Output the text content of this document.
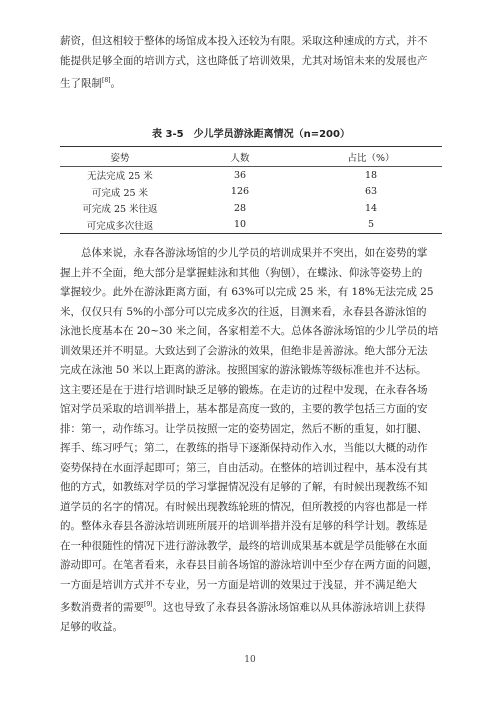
薪资，但这相较于整体的场馆成本投入还较为有限。采取这种速成的方式，并不
能提供足够全面的培训方式，这也降低了培训效果，尤其对场馆未来的发展也产
生了限制[8]。
表 3-5　少儿学员游泳距离情况（n=200）
姿势	人数	占比（%）
无法完成 25 米	36	18
可完成 25 米	126	63
可完成 25 米往返	28	14
可完成多次往返	10	5
　　总体来说，永春各游泳场馆的少儿学员的培训成果并不突出，如在姿势的掌
握上并不全面，绝大部分是掌握蛙泳和其他（狗刨），在蝶泳、仰泳等姿势上的
掌握较少。此外在游泳距离方面，有 63%可以完成 25 米，有 18%无法完成 25
米，仅仅只有 5%的小部分可以完成多次的往返，目测来看，永春县各游泳馆的
泳池长度基本在 20~30 米之间，各家相差不大。总体各游泳场馆的少儿学员的培
训效果还并不明显。大致达到了会游泳的效果，但绝非是善游泳。绝大部分无法
完成在泳池 50 米以上距离的游泳。按照国家的游泳锻炼等级标准也并不达标。
这主要还是在于进行培训时缺乏足够的锻炼。在走访的过程中发现，在永春各场
馆对学员采取的培训举措上，基本都是高度一致的，主要的教学包括三方面的安
排：第一，动作练习。让学员按照一定的姿势固定，然后不断的重复，如打腿、
挥手、练习呼气；第二，在教练的指导下逐渐保持动作入水，当能以大概的动作
姿势保持在水面浮起即可；第三，自由活动。在整体的培训过程中，基本没有其
他的方式，如教练对学员的学习掌握情况没有足够的了解，有时候出现教练不知
道学员的名字的情况。有时候出现教练轮班的情况，但所教授的内容也都是一样
的。整体永春县各游泳培训班所展开的培训举措并没有足够的科学计划。教练是
在一种很随性的情况下进行游泳教学，最终的培训成果基本就是学员能够在水面
游动即可。在笔者看来，永春县目前各场馆的游泳培训中至少存在两方面的问题，
一方面是培训方式并不专业，另一方面是培训的效果过于浅显，并不满足绝大
多数消费者的需要[9]。这也导致了永春县各游泳场馆难以从具体游泳培训上获得
足够的收益。
10
